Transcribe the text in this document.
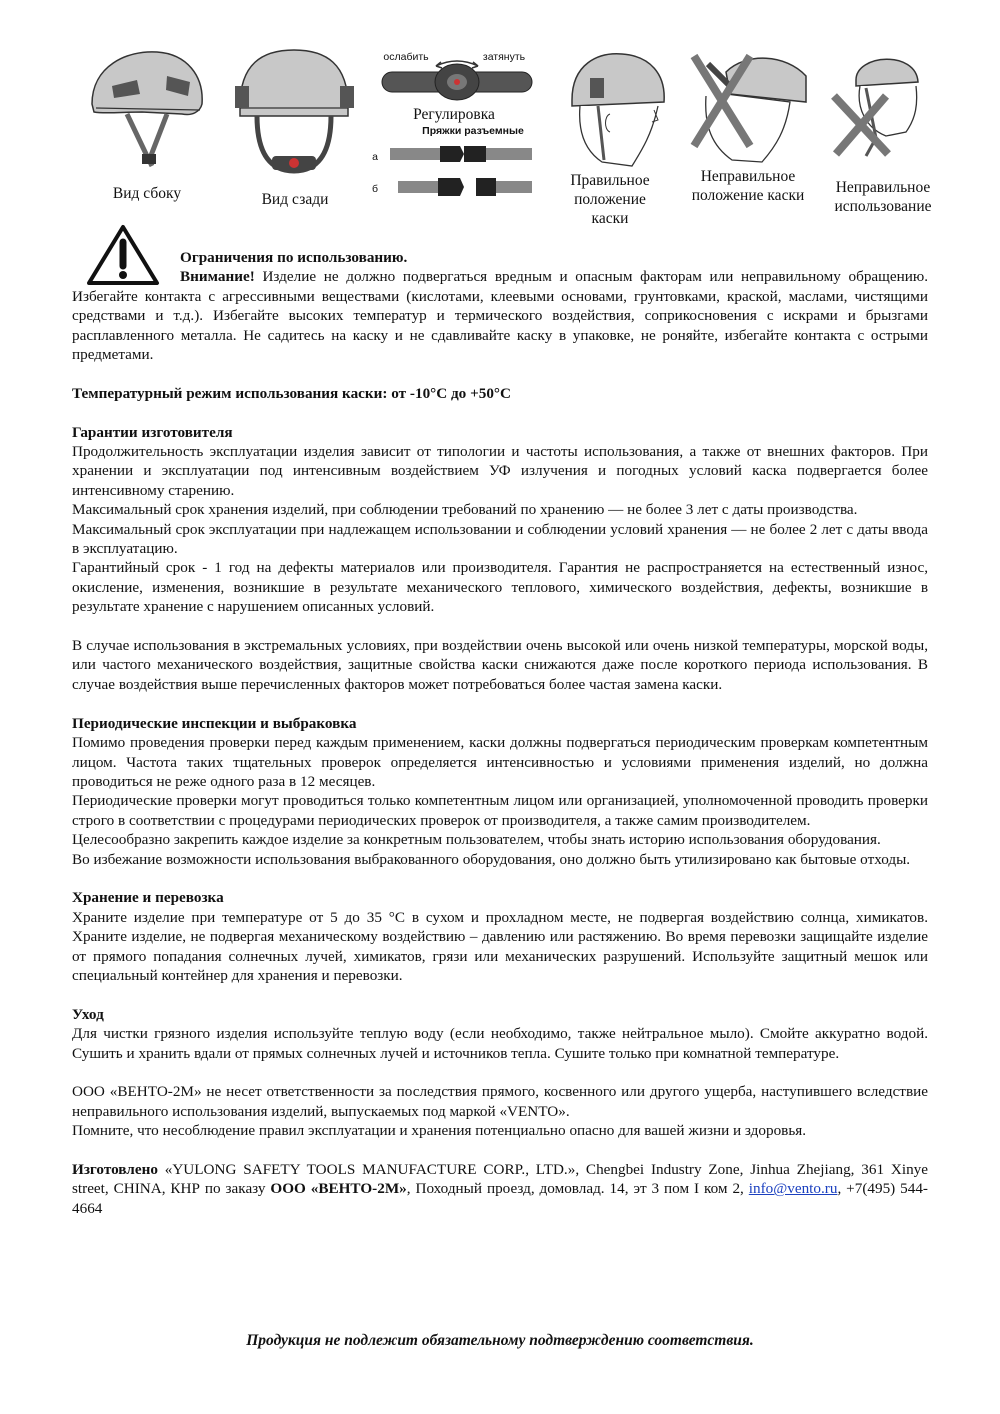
Вид сбоку	Вид сзади
ослабить	затянуть
Регулировка
Пряжки разъемные
а
б	Правильное положение каски
Неправильное положение каски	Неправильное использование

Ограничения по использованию.

Внимание! Изделие не должно подвергаться вредным и опасным факторам или неправильному обращению. Избегайте контакта с агрессивными веществами (кислотами, клеевыми основами, грунтовками, краской, маслами, чистящими средствами и т.д.). Избегайте высоких температур и термического воздействия, соприкосновения с искрами и брызгами расплавленного металла. Не садитесь на каску и не сдавливайте каску в упаковке, не роняйте, избегайте контакта с острыми предметами.

Температурный режим использования каски: от -10°C до +50°C

Гарантии изготовителя

Продолжительность эксплуатации изделия зависит от типологии и частоты использования, а также от внешних факторов. При хранении и эксплуатации под интенсивным воздействием УФ излучения и погодных условий каска подвергается более интенсивному старению.

Максимальный срок хранения изделий, при соблюдении требований по хранению — не более 3 лет с даты производства.

Максимальный срок эксплуатации при надлежащем использовании и соблюдении условий хранения — не более 2 лет с даты ввода в эксплуатацию.

Гарантийный срок - 1 год на дефекты материалов или производителя. Гарантия не распространяется на естественный износ, окисление, изменения, возникшие в результате механического теплового, химического воздействия, дефекты, возникшие в результате хранение с нарушением описанных условий.

В случае использования в экстремальных условиях, при воздействии очень высокой или очень низкой температуры, морской воды, или частого механического воздействия, защитные свойства каски снижаются даже после короткого периода использования. В случае воздействия выше перечисленных факторов может потребоваться более частая замена каски.

Периодические инспекции и выбраковка

Помимо проведения проверки перед каждым применением, каски должны подвергаться периодическим проверкам компетентным лицом. Частота таких тщательных проверок определяется интенсивностью и условиями применения изделий, но должна проводиться не реже одного раза в 12 месяцев.

Периодические проверки могут проводиться только компетентным лицом или организацией, уполномоченной проводить проверки строго в соответствии с процедурами периодических проверок от производителя, а также самим производителем.

Целесообразно закрепить каждое изделие за конкретным пользователем, чтобы знать историю использования оборудования.

Во избежание возможности использования выбракованного оборудования, оно должно быть утилизировано как бытовые отходы.

Хранение и перевозка

Храните изделие при температуре от 5 до 35 °C в сухом и прохладном месте, не подвергая воздействию солнца, химикатов. Храните изделие, не подвергая механическому воздействию – давлению или растяжению. Во время перевозки защищайте изделие от прямого попадания солнечных лучей, химикатов, грязи или механических разрушений. Используйте защитный мешок или специальный контейнер для хранения и перевозки.

Уход

Для чистки грязного изделия используйте теплую воду (если необходимо, также нейтральное мыло). Смойте аккуратно водой. Сушить и хранить вдали от прямых солнечных лучей и источников тепла. Сушите только при комнатной температуре.

ООО «ВЕНТО-2М» не несет ответственности за последствия прямого, косвенного или другого ущерба, наступившего вследствие неправильного использования изделий, выпускаемых под маркой «VENTO».

Помните, что несоблюдение правил эксплуатации и хранения потенциально опасно для вашей жизни и здоровья.

Изготовлено «YULONG SAFETY TOOLS MANUFACTURE CORP., LTD.», Chengbei Industry Zone, Jinhua Zhejiang, 361 Xinye street, CHINA, КНР по заказу ООО «ВЕНТО-2М», Походный проезд, домовлад. 14, эт 3 пом I ком 2, info@vento.ru, +7(495) 544-4664

Продукция не подлежит обязательному подтверждению соответствия.
